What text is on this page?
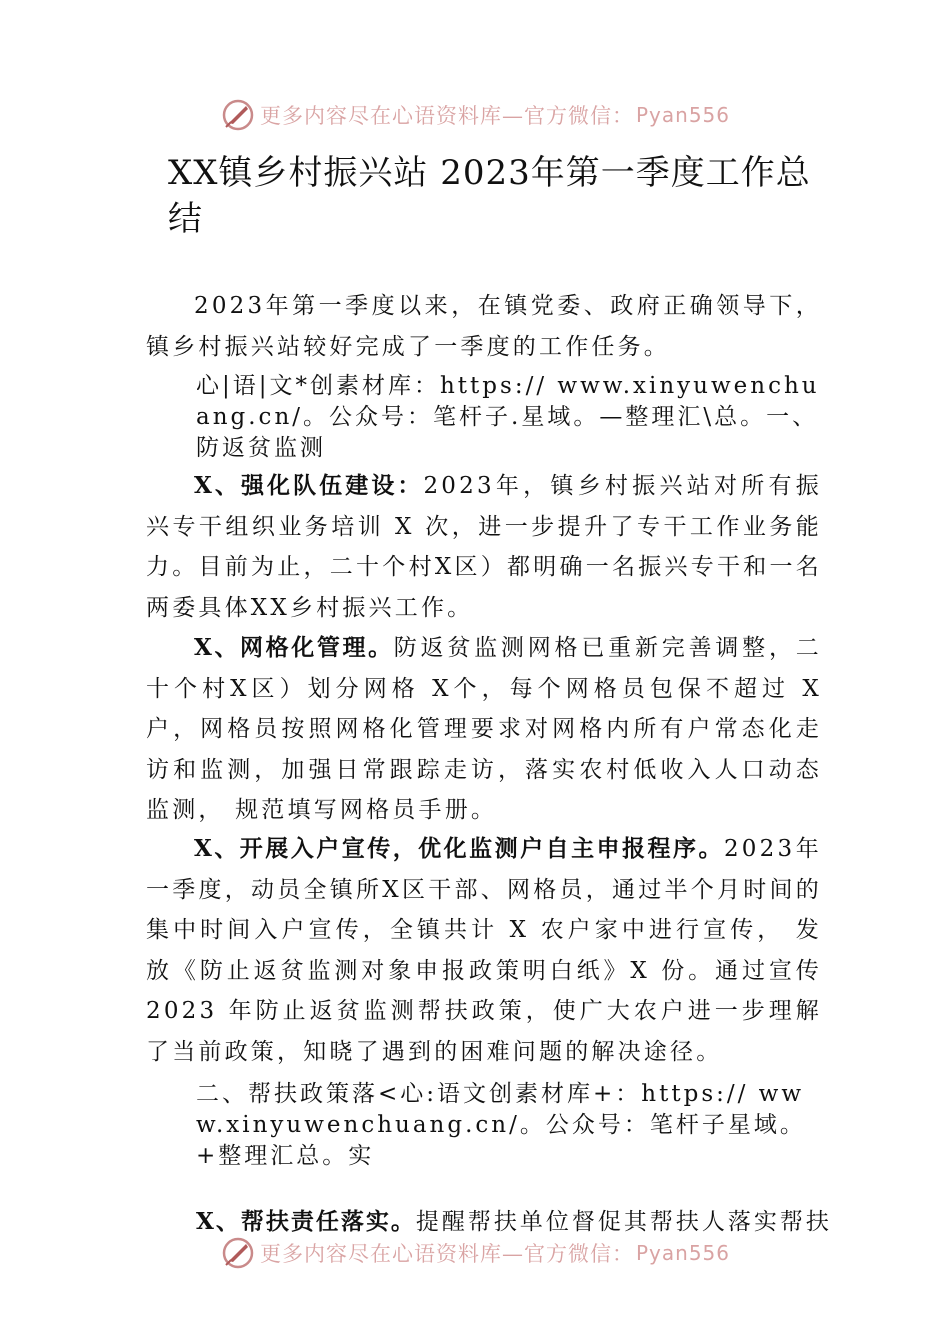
更多内容尽在心语资料库—官方微信： Pyan556
XX镇乡村振兴站 2023年第一季度工作总结

2023年第一季度以来，在镇党委、政府正确领导下，镇乡村振兴站较好完成了一季度的工作任务。

心|语|文*创素材库：https:// www.xinyuwenchuang.cn/。公众号：笔杆子.星域。—整理汇\总。一、防返贫监测

X、强化队伍建设：2023年，镇乡村振兴站对所有振兴专干组织业务培训 X 次，进一步提升了专干工作业务能力。目前为止，二十个村X区）都明确一名振兴专干和一名两委具体XX乡村振兴工作。

X、网格化管理。防返贫监测网格已重新完善调整，二十个村X区）划分网格 X个，每个网格员包保不超过 X户，网格员按照网格化管理要求对网格内所有户常态化走访和监测，加强日常跟踪走访，落实农村低收入人口动态监测， 规范填写网格员手册。

X、开展入户宣传，优化监测户自主申报程序。2023年一季度，动员全镇所X区干部、网格员，通过半个月时间的集中时间入户宣传，全镇共计 X 农户家中进行宣传， 发放《防止返贫监测对象申报政策明白纸》X 份。通过宣传2023 年防止返贫监测帮扶政策，使广大农户进一步理解了当前政策，知晓了遇到的困难问题的解决途径。

二、帮扶政策落<心:语文创素材库+：https:// www.xinyuwenchuang.cn/。公众号：笔杆子星域。+整理汇总。实

X、帮扶责任落实。提醒帮扶单位督促其帮扶人落实帮扶

更多内容尽在心语资料库—官方微信： Pyan556
